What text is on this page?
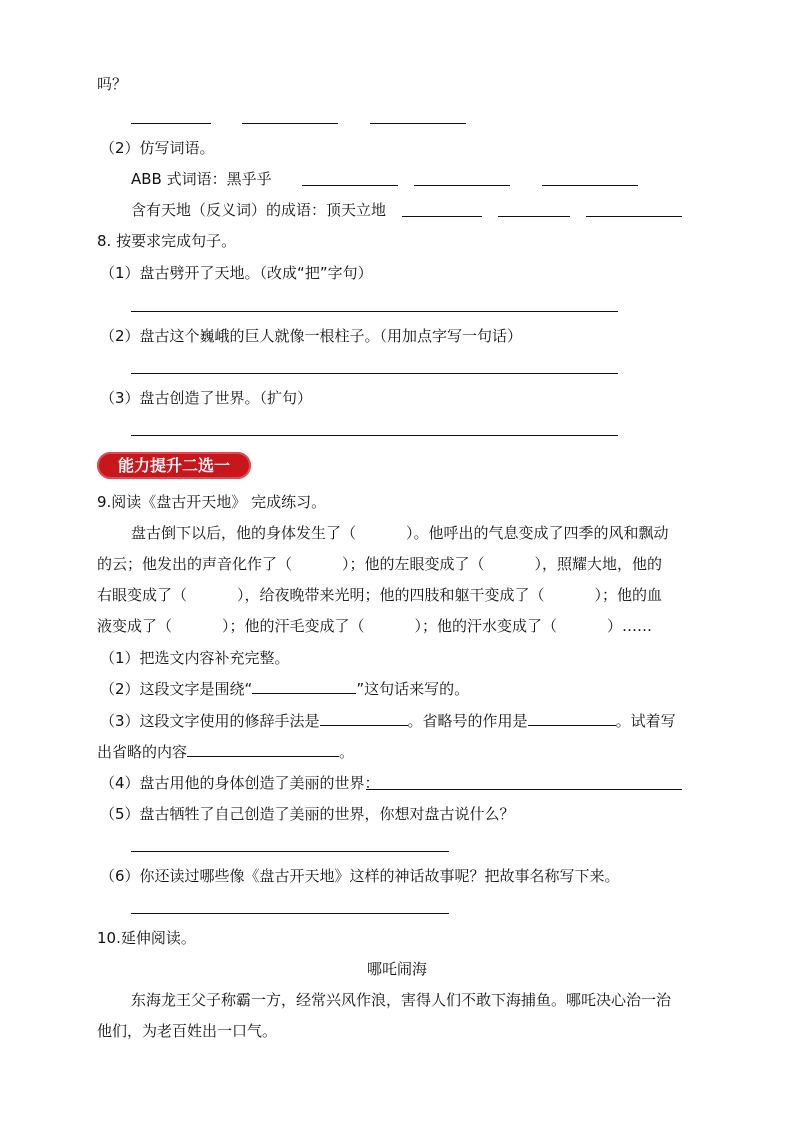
吗？
（2）仿写词语。
ABB 式词语：黑乎乎
含有天地（反义词）的成语：顶天立地
8. 按要求完成句子。
（1）盘古劈开了天地。（改成“把”字句）
（2）盘古这个巍峨的巨人就像一根柱子。（用加点字写一句话）
（3）盘古创造了世界。（扩句）
能力提升二选一
9.阅读《盘古开天地》 完成练习。
盘古倒下以后，他的身体发生了（	）。他呼出的气息变成了四季的风和飘动
的云；他发出的声音化作了（	）；他的左眼变成了（	），照耀大地，他的
右眼变成了（	），给夜晚带来光明；他的四肢和躯干变成了（	）；他的血
液变成了（	）；他的汗毛变成了（	）；他的汗水变成了（	）……
（1）把选文内容补充完整。
（2）这段文字是围绕“	”这句话来写的。
（3）这段文字使用的修辞手法是	。省略号的作用是	。试着写
出省略的内容	。
（4）盘古用他的身体创造了美丽的世界：
（5）盘古牺牲了自己创造了美丽的世界，你想对盘古说什么？
（6）你还读过哪些像《盘古开天地》这样的神话故事呢？把故事名称写下来。
10.延伸阅读。
哪吒闹海
东海龙王父子称霸一方，经常兴风作浪，害得人们不敢下海捕鱼。哪吒决心治一治
他们，为老百姓出一口气。
